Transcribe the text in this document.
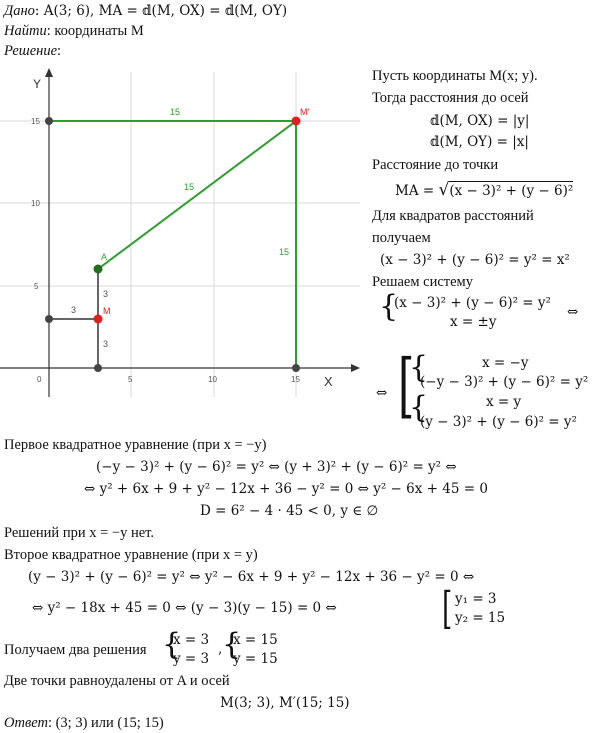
Дано: A(3; 6), MA = 𝕕(M, OX) = 𝕕(M, OY)
Найти: координаты M
Решение:
Y
X
0	5	10	15
5
10
15
15
15
15
3
3
3
A
M
M'
Пусть координаты M(x; y).
Тогда расстояния до осей
𝕕(M, OX) = |y|
𝕕(M, OY) = |x|
Расстояние до точки
MA = √(x − 3)² + (y − 6)²
Для квадратов расстояний
получаем
(x − 3)² + (y − 6)² = y² = x²
Решаем систему
{
(x − 3)² + (y − 6)² = y²
x = ±y
⇔
⇔ [
{	x = −y
(−y − 3)² + (y − 6)² = y²
{	x = y
(y − 3)² + (y − 6)² = y²
Первое квадратное уравнение (при x = −y)
(−y − 3)² + (y − 6)² = y² ⇔ (y + 3)² + (y − 6)² = y² ⇔
⇔ y² + 6x + 9 + y² − 12x + 36 − y² = 0 ⇔ y² − 6x + 45 = 0
D = 6² − 4 · 45 < 0, y ∈ ∅
Решений при x = −y нет.
Второе квадратное уравнение (при x = y)
(y − 3)² + (y − 6)² = y² ⇔ y² − 6x + 9 + y² − 12x + 36 − y² = 0 ⇔
⇔ y² − 18x + 45 = 0 ⇔ (y − 3)(y − 15) = 0 ⇔ [ y₁ = 3
y₂ = 15
Получаем два решения {
x = 3
y = 3
, {
x = 15
y = 15
Две точки равноудалены от A и осей
M(3; 3), M′(15; 15)
Ответ: (3; 3) или (15; 15)
